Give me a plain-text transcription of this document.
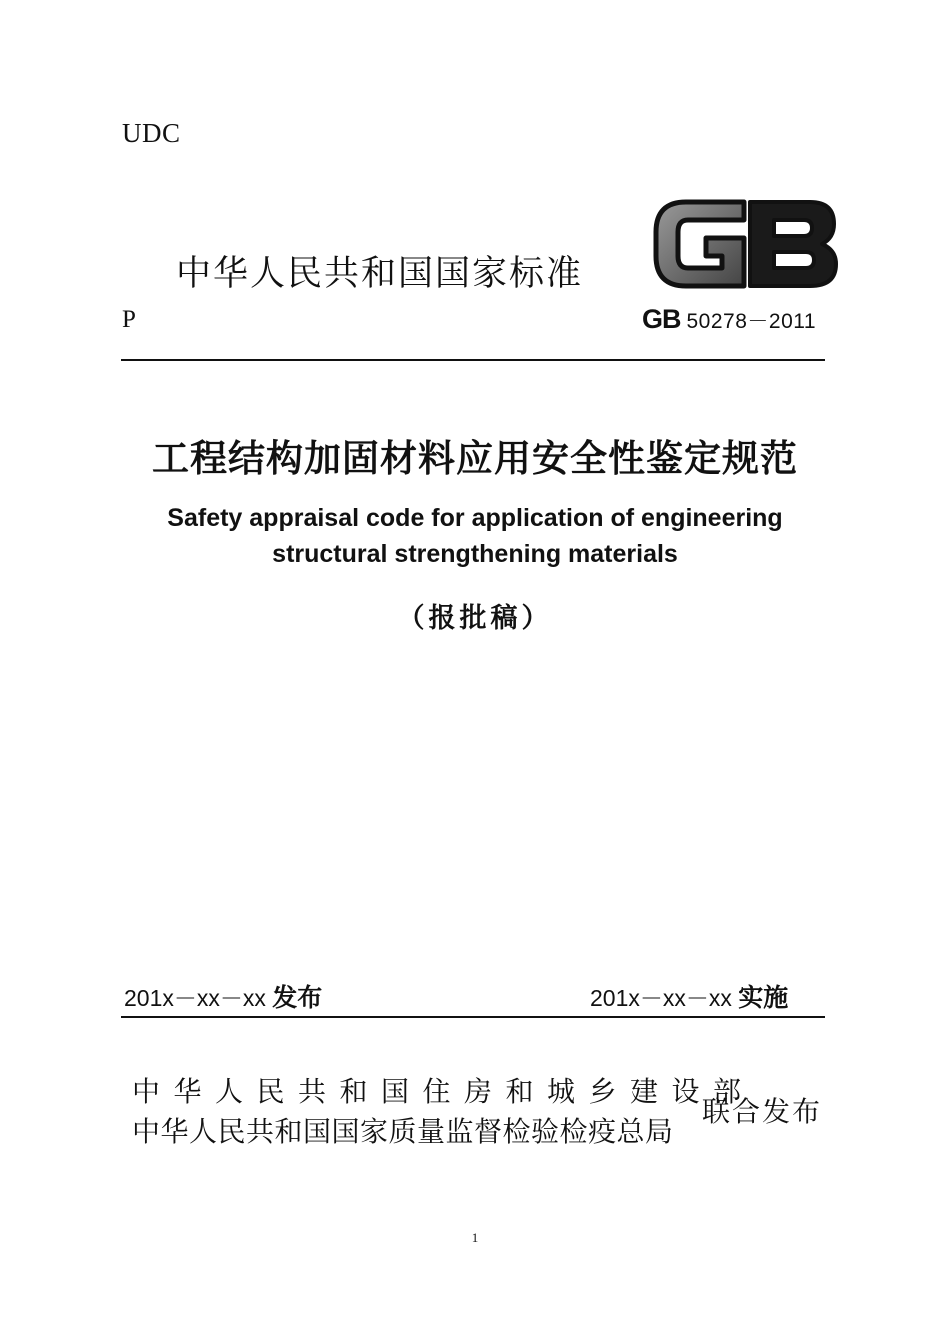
UDC
中华人民共和国国家标准
P
GB
GB 50278－2011
工程结构加固材料应用安全性鉴定规范
Safety appraisal code for application of engineering
structural strengthening materials
（报批稿）
201x－xx－xx 发布	201x－xx－xx 实施
中华人民共和国住房和城乡建设部
中华人民共和国国家质量监督检验检疫总局
联合发布
1
